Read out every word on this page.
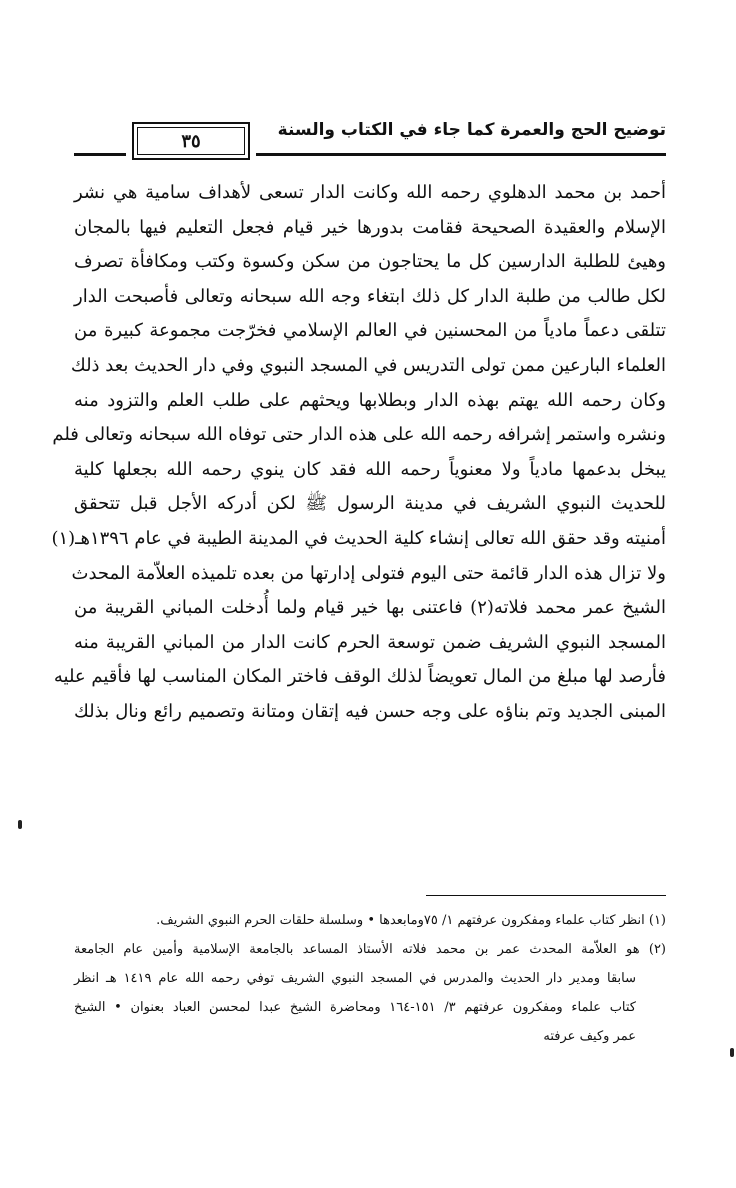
توضيح الحج والعمرة كما جاء في الكتاب والسنة
٣٥
أحمد بن محمد الدهلوي رحمه الله وكانت الدار تسعى لأهداف سامية هي نشر
الإسلام والعقيدة الصحيحة فقامت بدورها خير قيام فجعل التعليم فيها بالمجان
وهيئ للطلبة الدارسين كل ما يحتاجون من سكن وكسوة وكتب ومكافأة تصرف
لكل طالب من طلبة الدار كل ذلك ابتغاء وجه الله سبحانه وتعالى فأصبحت الدار
تتلقى دعماً مادياً من المحسنين في العالم الإسلامي فخرّجت مجموعة كبيرة من
العلماء البارعين ممن تولى التدريس في المسجد النبوي وفي دار الحديث بعد ذلك
وكان رحمه الله يهتم بهذه الدار وبطلابها ويحثهم على طلب العلم والتزود منه
ونشره واستمر إشرافه رحمه الله على هذه الدار حتى توفاه الله سبحانه وتعالى فلم
يبخل بدعمها مادياً ولا معنوياً رحمه الله فقد كان ينوي رحمه الله بجعلها كلية
للحديث النبوي الشريف في مدينة الرسول ﷺ لكن أدركه الأجل قبل تتحقق
أمنيته وقد حقق الله تعالى إنشاء كلية الحديث في المدينة الطيبة في عام ١٣٩٦هـ(١)
ولا تزال هذه الدار قائمة حتى اليوم فتولى إدارتها من بعده تلميذه العلاّمة المحدث
الشيخ عمر محمد فلاته(٢) فاعتنى بها خير قيام ولما أُدخلت المباني القريبة من
المسجد النبوي الشريف ضمن توسعة الحرم كانت الدار من المباني القريبة منه
فأرصد لها مبلغ من المال تعويضاً لذلك الوقف فاختر المكان المناسب لها فأقيم عليه
المبنى الجديد وتم بناؤه على وجه حسن فيه إتقان ومتانة وتصميم رائع ونال بذلك
(١) انظر كتاب علماء ومفكرون عرفتهم ١/ ٧٥ومابعدها • وسلسلة حلقات الحرم النبوي الشريف.
(٢) هو العلاّمة المحدث عمر بن محمد فلاته الأستاذ المساعد بالجامعة الإسلامية وأمين عام الجامعة
سابقا ومدير دار الحديث والمدرس في المسجد النبوي الشريف توفي رحمه الله عام ١٤١٩ هـ انظر
كتاب علماء ومفكرون عرفتهم ٣/ ١٥١-١٦٤ ومحاضرة الشيخ عبدا لمحسن العباد بعنوان • الشيخ
عمر وكيف عرفته
